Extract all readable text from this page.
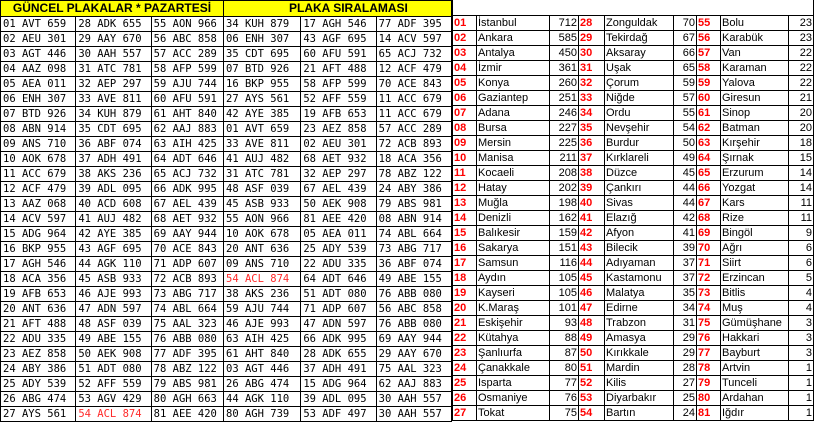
GÜNCEL PLAKALAR * PAZARTESİ			PLAKA SIRALAMASI		
01 AVT 659	28 ADK 655	55 AON 966	34 KUH 879	17 AGH 546	77 ADF 395
02 AEU 301	29 AAY 670	56 ABC 858	06 ENH 307	43 AGF 695	14 ACV 597
03 AGT 446	30 AAH 557	57 ACC 289	35 CDT 695	60 AFU 591	65 ACJ 732
04 AAZ 098	31 ATC 781	58 AFP 599	07 BTD 926	21 AFT 488	12 ACF 479
05 AEA 011	32 AEP 297	59 AJU 744	16 BKP 955	58 AFP 599	70 ACE 843
06 ENH 307	33 AVE 811	60 AFU 591	27 AYS 561	52 AFF 559	11 ACC 679
07 BTD 926	34 KUH 879	61 AHT 840	42 AYE 385	19 AFB 653	11 ACC 679
08 ABN 914	35 CDT 695	62 AAJ 883	01 AVT 659	23 AEZ 858	57 ACC 289
09 ANS 710	36 ABF 074	63 AIH 425	33 AVE 811	02 AEU 301	72 ACB 893
10 AOK 678	37 ADH 491	64 ADT 646	41 AUJ 482	68 AET 932	18 ACA 356
11 ACC 679	38 AKS 236	65 ACJ 732	31 ATC 781	32 AEP 297	78 ABZ 122
12 ACF 479	39 ADL 095	66 ADK 995	48 ASF 039	67 AEL 439	24 ABY 386
13 AAZ 068	40 ACD 608	67 AEL 439	45 ASB 933	50 AEK 908	79 ABS 981
14 ACV 597	41 AUJ 482	68 AET 932	55 AON 966	81 AEE 420	08 ABN 914
15 ADG 964	42 AYE 385	69 AAY 944	10 AOK 678	05 AEA 011	74 ABL 664
16 BKP 955	43 AGF 695	70 ACE 843	20 ANT 636	25 ADY 539	73 ABG 717
17 AGH 546	44 AGK 110	71 ADP 607	09 ANS 710	22 ADU 335	36 ABF 074
18 ACA 356	45 ASB 933	72 ACB 893	54 ACL 874	64 ADT 646	49 ABE 155
19 AFB 653	46 AJE 993	73 ABG 717	38 AKS 236	51 ADT 080	76 ABB 080
20 ANT 636	47 ADN 597	74 ABL 664	59 AJU 744	71 ADP 607	56 ABC 858
21 AFT 488	48 ASF 039	75 AAL 323	46 AJE 993	47 ADN 597	76 ABB 080
22 ADU 335	49 ABE 155	76 ABB 080	63 AIH 425	66 ADK 995	69 AAY 944
23 AEZ 858	50 AEK 908	77 ADF 395	61 AHT 840	28 ADK 655	29 AAY 670
24 ABY 386	51 ADT 080	78 ABZ 122	03 AGT 446	37 ADH 491	75 AAL 323
25 ADY 539	52 AFF 559	79 ABS 981	26 ABG 474	15 ADG 964	62 AAJ 883
26 ABG 474	53 AGV 429	80 AGH 663	44 AGK 110	39 ADL 095	30 AAH 557
27 AYS 561	54 ACL 874	81 AEE 420	80 AGH 739	53 ADF 497	30 AAH 557

01	İstanbul	712	28	Zonguldak	70	55	Bolu	23
02	Ankara	585	29	Tekirdağ	67	56	Karabük	23
03	Antalya	450	30	Aksaray	66	57	Van	22
04	İzmir	361	31	Uşak	65	58	Karaman	22
05	Konya	260	32	Çorum	59	59	Yalova	22
06	Gaziantep	251	33	Niğde	57	60	Giresun	21
07	Adana	246	34	Ordu	55	61	Sinop	20
08	Bursa	227	35	Nevşehir	54	62	Batman	20
09	Mersin	225	36	Burdur	50	63	Kırşehir	18
10	Manisa	211	37	Kırklareli	49	64	Şırnak	15
11	Kocaeli	208	38	Düzce	45	65	Erzurum	14
12	Hatay	202	39	Çankırı	44	66	Yozgat	14
13	Muğla	198	40	Sivas	44	67	Kars	11
14	Denizli	162	41	Elazığ	42	68	Rize	11
15	Balıkesir	159	42	Afyon	41	69	Bingöl	9
16	Sakarya	151	43	Bilecik	39	70	Ağrı	6
17	Samsun	116	44	Adıyaman	37	71	Siirt	6
18	Aydın	105	45	Kastamonu	37	72	Erzincan	5
19	Kayseri	105	46	Malatya	35	73	Bitlis	4
20	K.Maraş	101	47	Edirne	34	74	Muş	4
21	Eskişehir	93	48	Trabzon	31	75	Gümüşhane	3
22	Kütahya	88	49	Amasya	29	76	Hakkari	3
23	Şanlıurfa	87	50	Kırıkkale	29	77	Bayburt	3
24	Çanakkale	80	51	Mardin	28	78	Artvin	1
25	Isparta	77	52	Kilis	27	79	Tunceli	1
26	Osmaniye	76	53	Diyarbakır	25	80	Ardahan	1
27	Tokat	75	54	Bartın	24	81	Iğdır	1
